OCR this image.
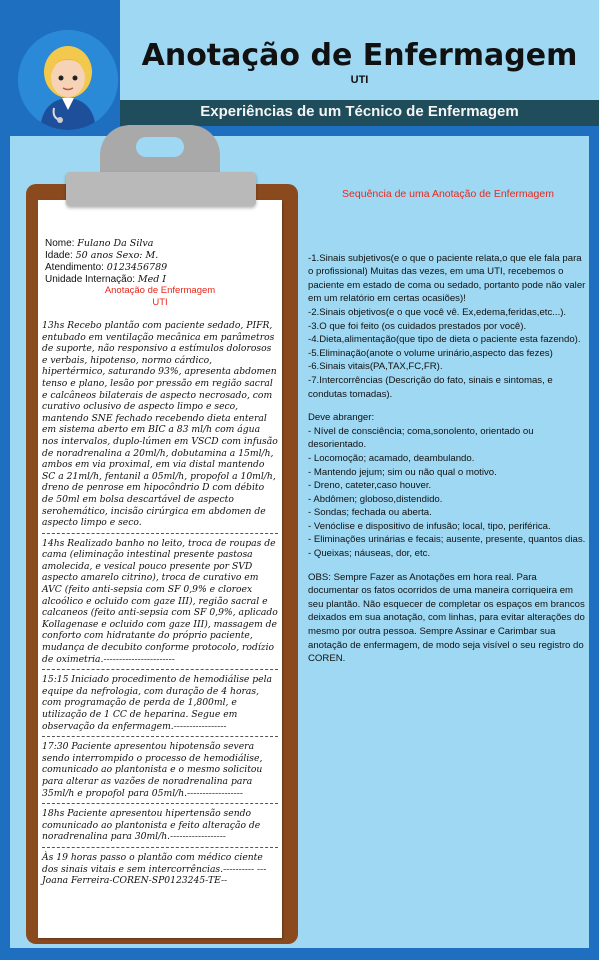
Anotação de Enfermagem
UTI
Experiências de um Técnico de Enfermagem
Nome: Fulano Da Silva
Idade: 50 anos Sexo: M.
Atendimento: 0123456789
Unidade Internação: Med I
Anotação de Enfermagem
UTI
13hs Recebo plantão com paciente sedado, PIFR, entubado em ventilação mecânica em parâmetros de suporte, não responsivo a estímulos dolorosos e verbais, hipotenso, normo cárdico, hipertérmico, saturando 93%, apresenta abdomen tenso e plano, lesão por pressão em região sacral e calcâneos bilaterais de aspecto necrosado, com curativo oclusivo de aspecto limpo e seco, mantendo SNE fechado recebendo dieta enteral em sistema aberto em BIC a 83 ml/h com água nos intervalos, duplo-lúmen em VSCD com infusão de noradrenalina a 20ml/h, dobutamina a 15ml/h, ambos em via proximal, em via distal mantendo SC a 21ml/h, fentanil a 05ml/h, propofol a 10ml/h, dreno de penrose em hipocôndrio D com débito de 50ml em bolsa descartável de aspecto serohemático, incisão cirúrgica em abdomen de aspecto limpo e seco.
14hs Realizado banho no leito, troca de roupas de cama (eliminação intestinal presente pastosa amolecida, e vesical pouco presente por SVD aspecto amarelo citrino), troca de curativo em AVC (feito anti-sepsia com SF 0,9% e cloroex alcoólico e ocluido com gaze III), região sacral e calcaneos (feito anti-sepsia com SF 0,9%, aplicado Kollagenase e ocluido com gaze III), massagem de conforto com hidratante do próprio paciente, mudança de decubito conforme protocolo, rodízio de oximetria.-----------------------
15:15 Iniciado procedimento de hemodiálise pela equipe da nefrologia, com duração de 4 horas, com programação de perda de 1,800ml, e utilização de 1 CC de heparina. Segue em observação da enfermagem.-----------------
17:30 Paciente apresentou hipotensão severa sendo interrompido o processo de hemodiálise, comunicado ao plantonista e o mesmo solicitou para alterar as vazões de noradrenalina para 35ml/h e propofol para 05ml/h.------------------
18hs Paciente apresentou hipertensão sendo comunicado ao plantonista e feito alteração de noradrenalina para 30ml/h.------------------
Às 19 horas passo o plantão com médico ciente dos sinais vitais e sem intercorrências.---------- ---Joana Ferreira-COREN-SP0123245-TE--
Sequência de uma Anotação de Enfermagem
-1.Sinais subjetivos(e o que o paciente relata,o que ele fala para o profissional) Muitas das vezes, em uma UTI, recebemos o paciente em estado de coma ou sedado, portanto pode não valer em um relatório em certas ocasiões)!
-2.Sinais objetivos(e o que você vê. Ex,edema,feridas,etc...).
-3.O que foi feito (os cuidados prestados por você).
-4.Dieta,alimentação(que tipo de dieta o paciente esta fazendo).
-5.Eliminação(anote o volume urinário,aspecto das fezes)
-6.Sinais vitais(PA,TAX,FC,FR).
-7.Intercorrências (Descrição do fato, sinais e sintomas, e condutas tomadas).
Deve abranger:
- Nível de consciência; coma,sonolento, orientado ou desorientado.
- Locomoção; acamado, deambulando.
- Mantendo jejum; sim ou não qual o motivo.
- Dreno, cateter,caso houver.
- Abdômen; globoso,distendido.
- Sondas; fechada ou aberta.
- Venóclise e dispositivo de infusão; local, tipo, periférica.
- Eliminações urinárias e fecais; ausente, presente, quantos dias.
- Queixas; náuseas, dor, etc.
OBS: Sempre Fazer as Anotações em hora real. Para documentar os fatos ocorridos de uma maneira corriqueira em seu plantão. Não esquecer de completar os espaços em brancos deixados em sua anotação, com linhas, para evitar alterações do mesmo por outra pessoa. Sempre Assinar e Carimbar sua anotação de enfermagem, de modo seja visível o seu registro do COREN.
